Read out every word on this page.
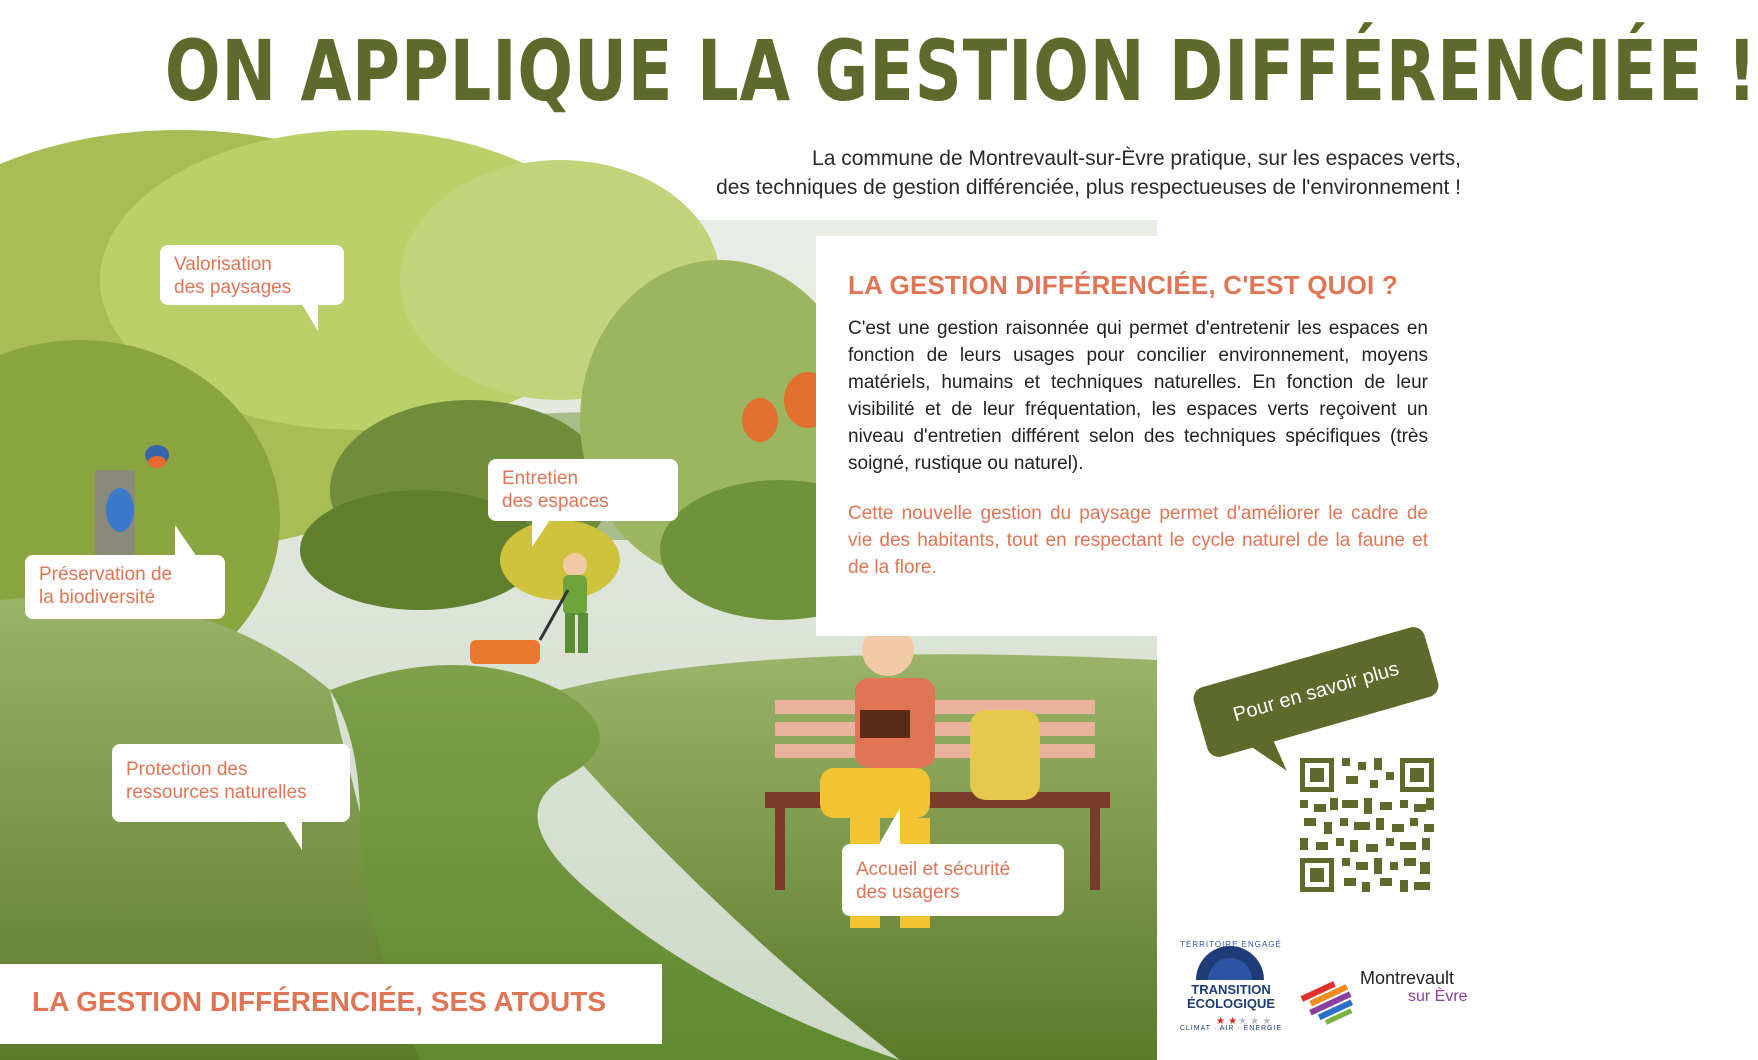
ON APPLIQUE LA GESTION DIFFÉRENCIÉE !
La commune de Montrevault-sur-Èvre pratique, sur les espaces verts,
des techniques de gestion différenciée, plus respectueuses de l'environnement !
Valorisation
des paysages
Entretien
des espaces
Préservation de
la biodiversité
Protection des
ressources naturelles
Accueil et sécurité
des usagers
LA GESTION DIFFÉRENCIÉE, C'EST QUOI ?

C'est une gestion raisonnée qui permet d'entretenir les espaces en fonction de leurs usages pour concilier environnement, moyens matériels, humains et techniques naturelles. En fonction de leur visibilité et de leur fréquentation, les espaces verts reçoivent un niveau d'entretien différent selon des techniques spécifiques (très soigné, rustique ou naturel).

Cette nouvelle gestion du paysage permet d'améliorer le cadre de vie des habitants, tout en respectant le cycle naturel de la faune et de la flore.

LA GESTION DIFFÉRENCIÉE, SES ATOUTS
Pour en savoir plus
★ ★ ★ ★ ★
TERRITOIRE ENGAGÉ
TRANSITION
ÉCOLOGIQUE
CLIMAT · AIR · ÉNERGIE
Montrevault
sur Èvre
